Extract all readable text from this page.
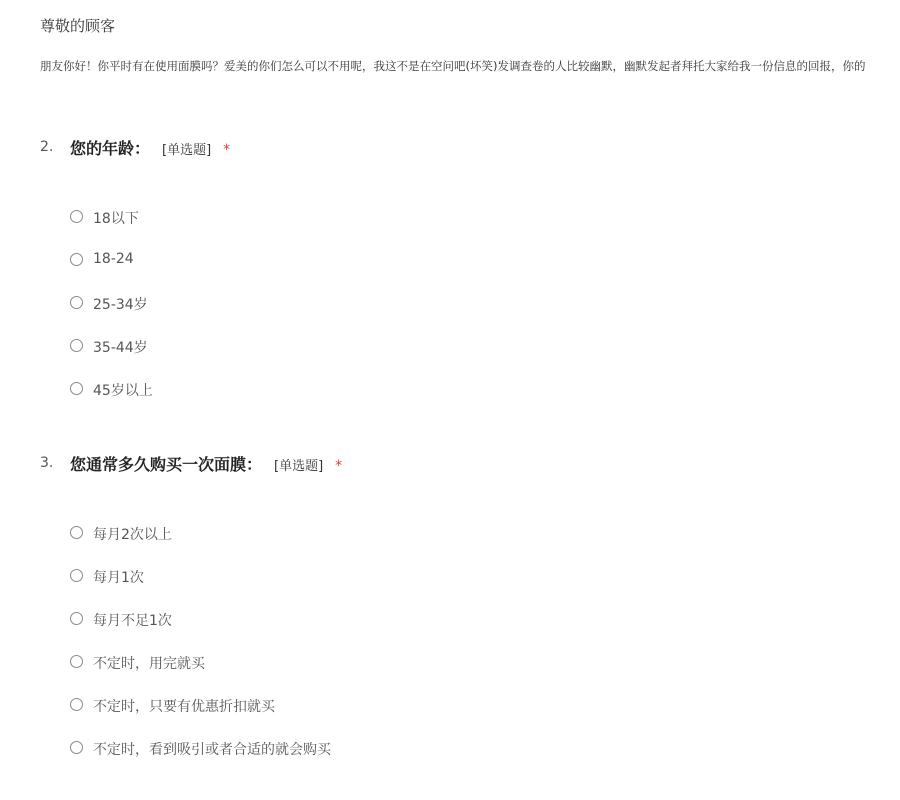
尊敬的顾客
朋友你好！你平时有在使用面膜吗？爱美的你们怎么可以不用呢，我这不是在空问吧(坏笑)发调查卷的人比较幽默，幽默发起者拜托大家给我一份信息的回报，你的
2. 您的年龄： [单选题] *
18以下
18-24
25-34岁
35-44岁
45岁以上
3. 您通常多久购买一次面膜： [单选题] *
每月2次以上
每月1次
每月不足1次
不定时，用完就买
不定时，只要有优惠折扣就买
不定时，看到吸引或者合适的就会购买
